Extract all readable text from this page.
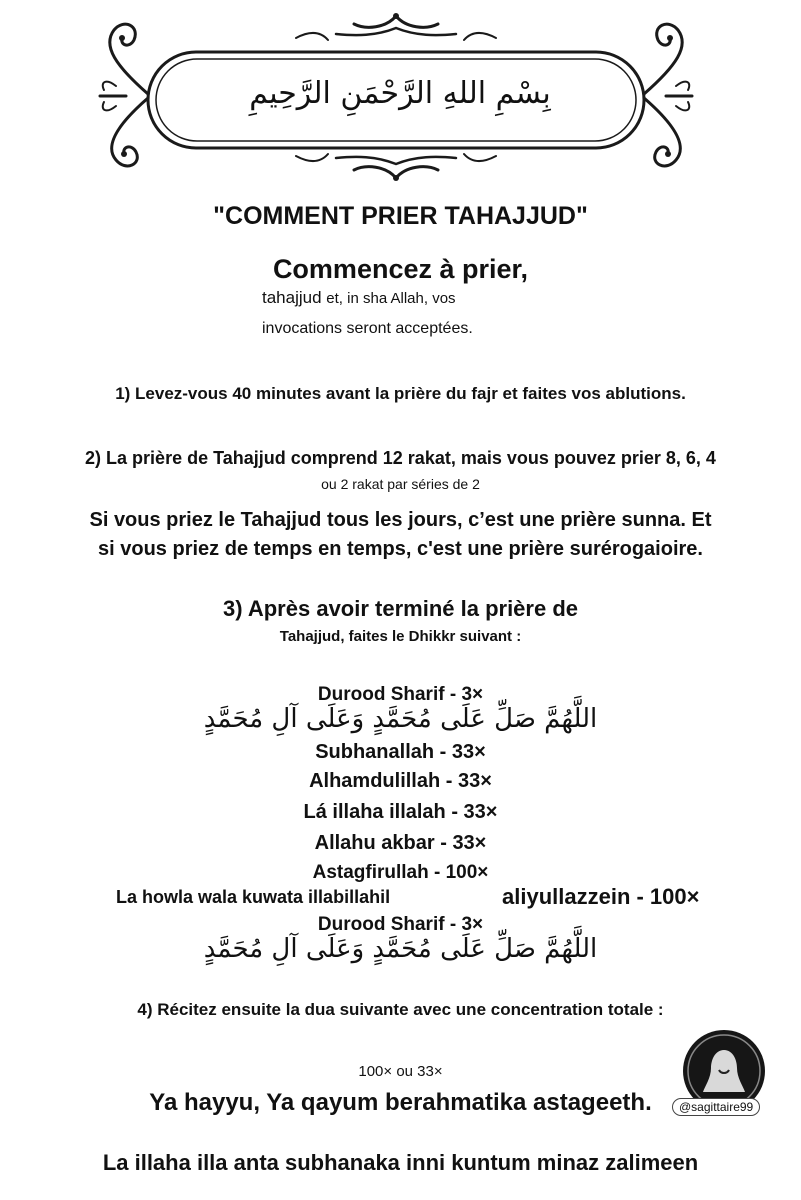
بِسْمِ اللهِ الرَّحْمَنِ الرَّحِيمِ
"COMMENT PRIER TAHAJJUD"
Commencez à prier,
tahajjud et, in sha Allah, vos
invocations seront acceptées.
1) Levez-vous 40 minutes avant la prière du fajr et faites vos ablutions.
2) La prière de Tahajjud comprend 12 rakat, mais vous pouvez prier 8, 6, 4
ou 2 rakat par séries de 2
Si vous priez le Tahajjud tous les jours, c’est une prière sunna. Et
si vous priez de temps en temps, c'est une prière surérogaioire.
3) Après avoir terminé la prière de
Tahajjud, faites le Dhikkr suivant :
Durood Sharif - 3×
اللَّهُمَّ صَلِّ عَلَى مُحَمَّدٍ وَعَلَى آلِ مُحَمَّدٍ
Subhanallah - 33×
Alhamdulillah - 33×
Lá illaha illalah - 33×
Allahu akbar - 33×
Astagfirullah - 100×
La howla wala kuwata illabillahil	aliyullazzein - 100×
Durood Sharif - 3×
اللَّهُمَّ صَلِّ عَلَى مُحَمَّدٍ وَعَلَى آلِ مُحَمَّدٍ
4) Récitez ensuite la dua suivante avec une concentration totale :
100× ou 33×
Ya hayyu, Ya qayum berahmatika astageeth.
La illaha illa anta subhanaka inni kuntum minaz zalimeen
@sagittaire99
